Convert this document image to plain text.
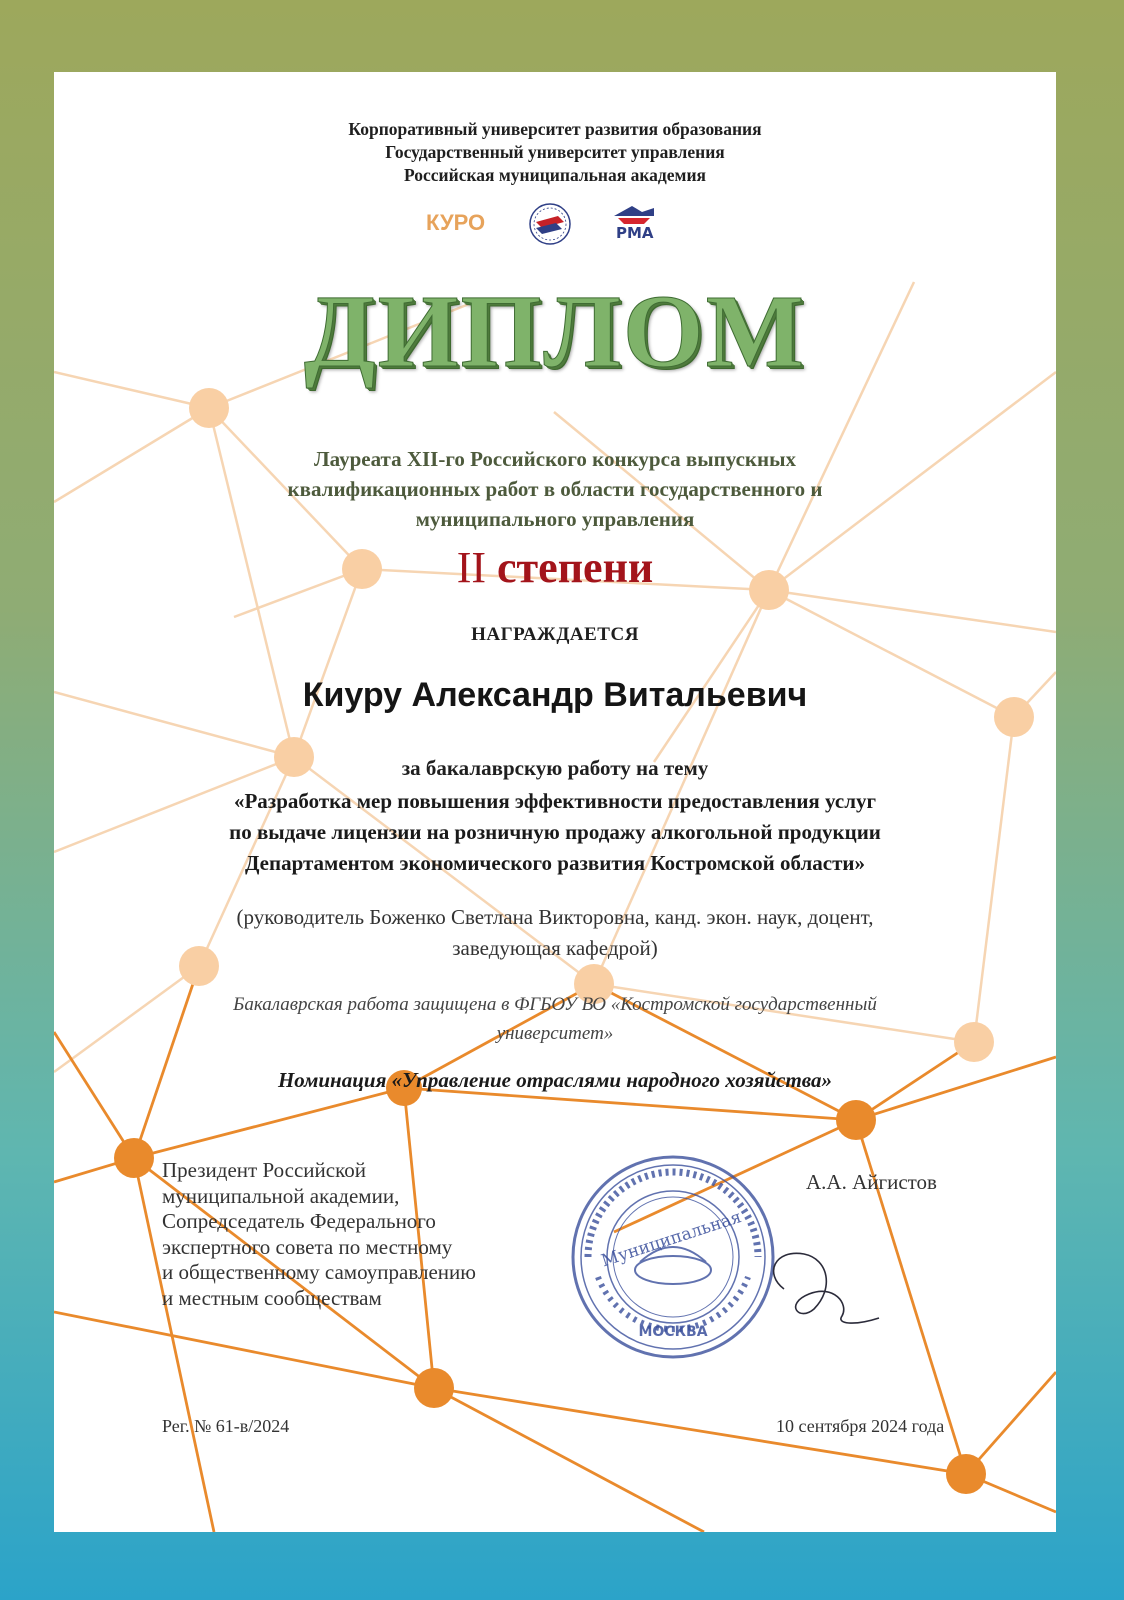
Корпоративный университет развития образования
Государственный университет управления
Российская муниципальная академия
КУРО	РМА
ДИПЛОМ
Лауреата XII-го Российского конкурса выпускных
квалификационных работ в области государственного и
муниципального управления
II степени
НАГРАЖДАЕТСЯ
Киуру Александр Витальевич
за бакалаврскую работу на тему
«Разработка мер повышения эффективности предоставления услуг
по выдаче лицензии на розничную продажу алкогольной продукции
Департаментом экономического развития Костромской области»
(руководитель Боженко Светлана Викторовна, канд. экон. наук, доцент,
заведующая кафедрой)
Бакалаврская работа защищена в ФГБОУ ВО «Костромской государственный
университет»
Номинация «Управление отраслями народного хозяйства»
Президент Российской
муниципальной академии,
Сопредседатель Федерального
экспертного совета по местному
и общественному самоуправлению
и местным сообществам
Муниципальная
МОСКВА
А.А. Айгистов
Рег. № 61-в/2024	10 сентября 2024 года
